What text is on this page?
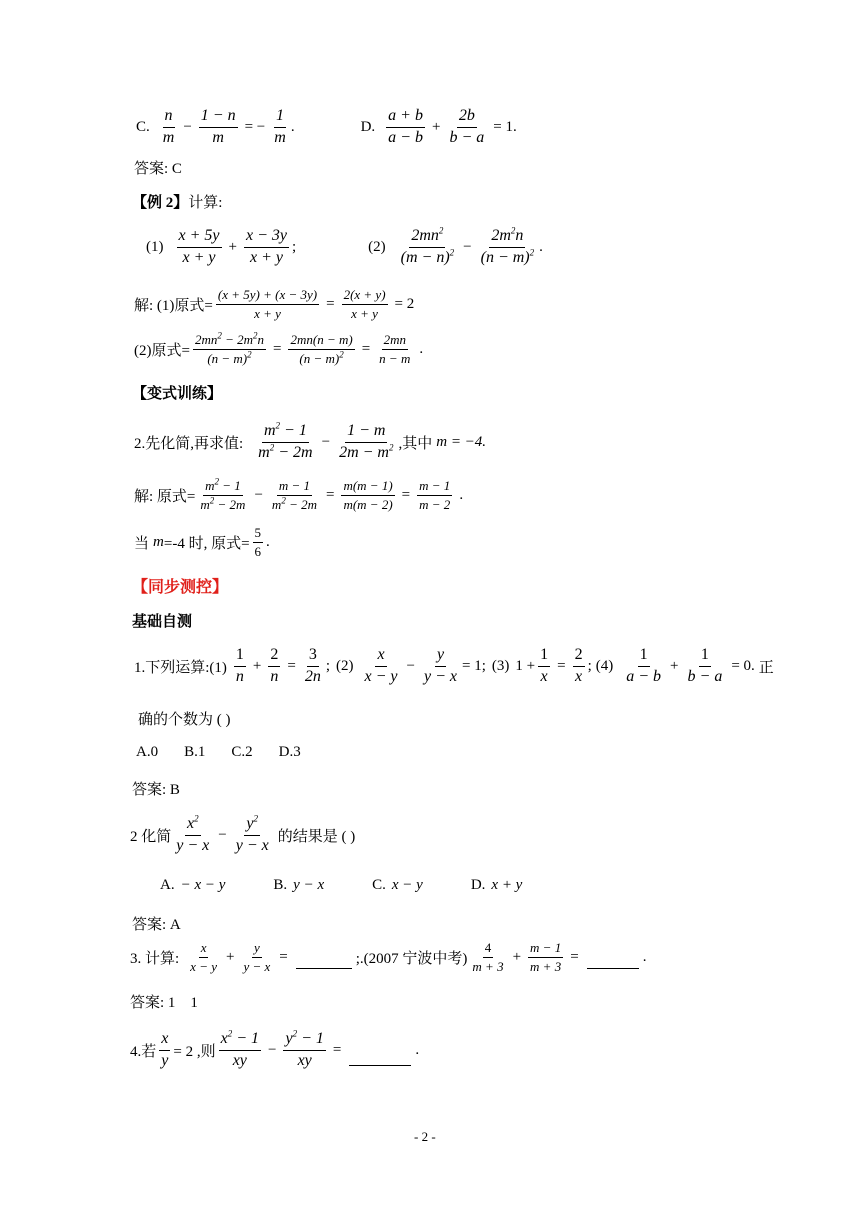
C. $\frac{n}{m} - \frac{1 - n}{m}$ = − $\frac{1}{m}$ .	D. $\frac{a + b}{a - b} + \frac{2b}{b - a} = 1$.
答案: C
【例 2】 计算:
$(1) \frac{x + 5y}{x + y} + \frac{x - 3y}{x + y}$ ;	$(2) \frac{2mn^2}{(m - n)^2} - \frac{2m^2n}{(n - m)^2}$ .
解: (1)原式= $\frac{(x + 5y) + (x - 3y)}{x + y} = \frac{2(x + y)}{x + y} = 2$
(2)原式= $\frac{2mn^2 - 2m^2n}{(n - m)^2} = \frac{2mn(n - m)}{(n - m)^2} = \frac{2mn}{n - m}$ .
【变式训练】
2.先化简,再求值: $\frac{m^2 - 1}{m^2 - 2m} - \frac{1 - m}{2m - m^2}$ ,其中 m = −4.
解: 原式= $\frac{m^2 - 1}{m^2 - 2m} - \frac{m - 1}{m^2 - 2m} = \frac{m(m - 1)}{m(m - 2)} = \frac{m - 1}{m - 2}$ .
当 m =-4 时, 原式= $\frac{5}{6}$ .
【同步测控】
基础自测
1.下列运算:(1) $\frac{1}{n} + \frac{2}{n} = \frac{3}{2n}$ ; $(2) \frac{x}{x - y} - \frac{y}{y - x} = 1$; (3) $1 + \frac{1}{x} = \frac{2}{x}$ ; $(4) \frac{1}{a - b} + \frac{1}{b - a} = 0$. 正
确的个数为 ( )
A.0 B.1 C.2 D.3
答案: B
2 化简 $\frac{x^2}{y - x} - \frac{y^2}{y - x}$ 的结果是 ( )
A. − x − y	B. y − x	C. x − y	D. x + y
答案: A
3. 计算: $\frac{x}{x - y} + \frac{y}{y - x}$ =	;.(2007 宁波中考) $\frac{4}{m + 3} + \frac{m - 1}{m + 3}$ =	.
答案: 1    1
4.若 $\frac{x}{y} = 2$ ,则 $\frac{x^2 - 1}{xy} - \frac{y^2 - 1}{xy}$ =	.
- 2 -
